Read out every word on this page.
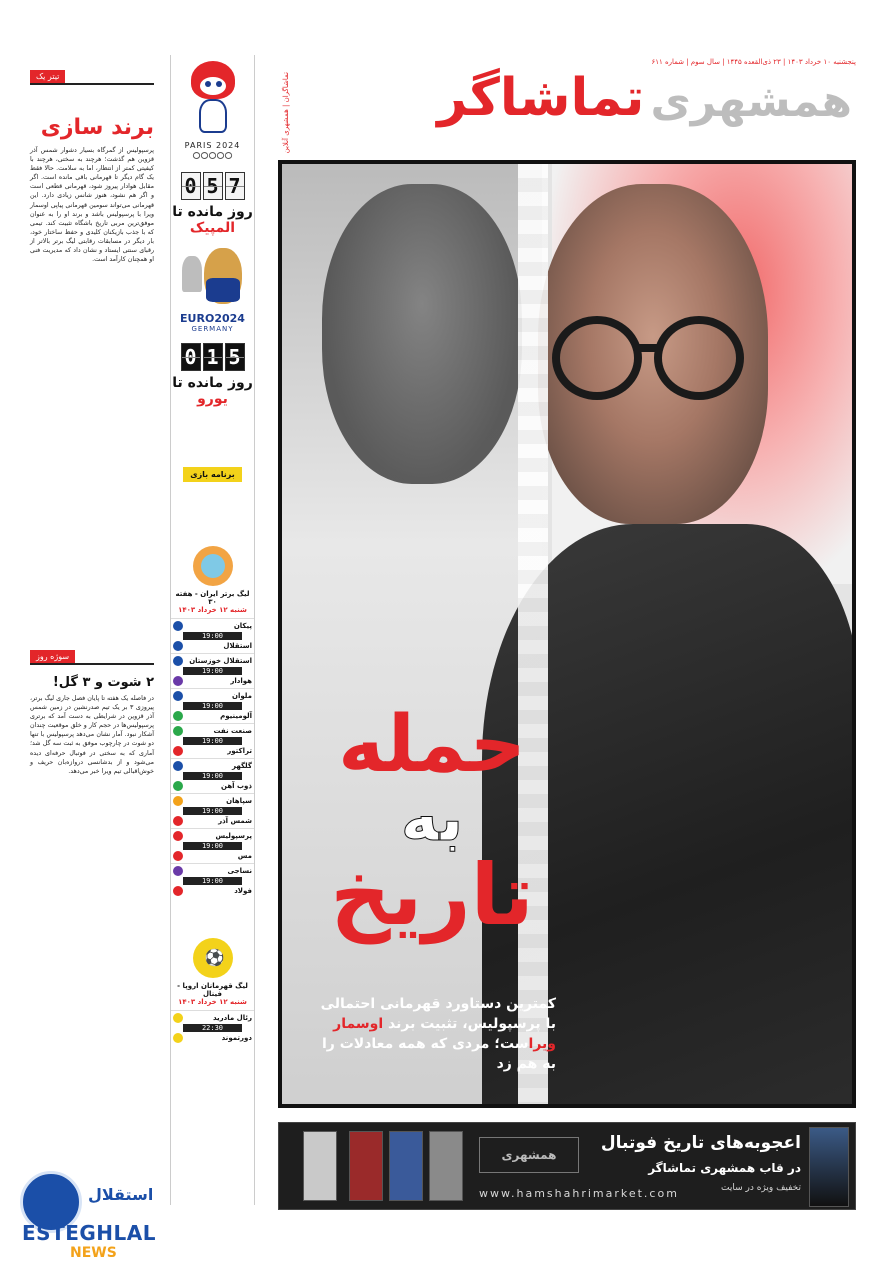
تیتر یک
برند سازی
پرسپولیس از گمرگاه بسیار دشوار شمس آذر قزوین هم گذشت؛ هرچند به سختی، هرچند با کیفیتی کمتر از انتظار، اما به سلامت. حالا فقط یک گام دیگر تا قهرمانی باقی مانده است. اگر مقابل هوادار پیروز شود، قهرمانی قطعی است و اگر هم نشود، هنوز شانس زیادی دارد. این قهرمانی می‌تواند سومین قهرمانی پیاپی اوسمار ویرا با پرسپولیس باشد و برند او را به عنوان موفق‌ترین مربی تاریخ باشگاه تثبیت کند. تیمی که با جذب بازیکنان کلیدی و حفظ ساختار خود، بار دیگر در مسابقات رقابتی لیگ برتر بالاتر از رقبای سنتی ایستاد و نشان داد که مدیریت فنی او همچنان کارآمد است.
سوژه روز
۲ شوت و ۳ گل!
در فاصله یک هفته تا پایان فصل جاری لیگ برتر، پیروزی ۳ بر یک تیم صدرنشین در زمین شمس آذر قزوین در شرایطی به دست آمد که برتری پرسپولیس‌ها در حجم کار و خلق موقعیت چندان آشکار نبود. آمار نشان می‌دهد پرسپولیس با تنها دو شوت در چارچوب موفق به ثبت سه گل شد؛ آماری که به سختی در فوتبال حرفه‌ای دیده می‌شود و از بدشانسی دروازه‌بان حریف و خوش‌اقبالی تیم ویرا خبر می‌دهد.
PARIS 2024
⭘⭘⭘⭘⭘
0 5 7
روز مانده تا
المپیک
EURO2024
GERMANY
0 1 5
روز مانده تا
یورو
برنامه بازی
لیگ برتر ایران - هفته ۳۰
شنبه ۱۲ خرداد ۱۴۰۳
پیکان
19:00
استقلال
استقلال خوزستان
19:00
هوادار
ملوان
19:00
آلومینیوم
صنعت نفت
19:00
تراکتور
گلگهر
19:00
ذوب آهن
سپاهان
19:00
شمس آذر
پرسپولیس
19:00
مس
نساجی
19:00
فولاد
⚽
لیگ قهرمانان اروپا - فینال
شنبه ۱۲ خرداد ۱۴۰۳
رئال مادرید
22:30
دورتموند
پنجشنبه ۱۰ خرداد ۱۴۰۳ | ۲۳ ذی‌القعده ۱۴۴۵ | سال سوم | شماره ۶۱۱
همشهری
تماشاگر
تماشاگران | همشهری آنلاین
حمله
به
تاریخ
کمترین دستاورد قهرمانی احتمالی با پرسپولیس، تثبیت برند اوسمار ویراست؛ مردی که همه معادلات را به هم زد
اعجوبه‌های تاریخ فوتبال
در قاب همشهری تماشاگر
تخفیف ویژه در سایت
همشهری
www.hamshahrimarket.com
استقلال
ESTEGHLAL
NEWS
